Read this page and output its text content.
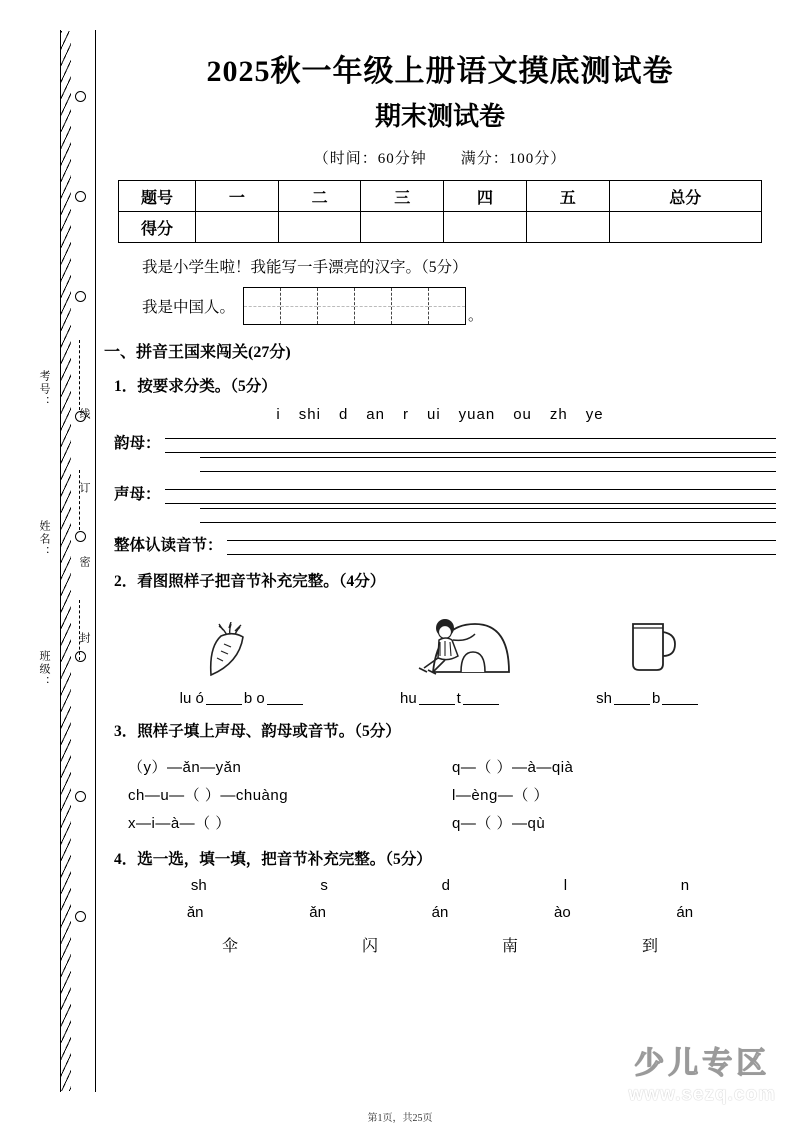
考号：
姓名：
班级：
线
订
密
封
2025秋一年级上册语文摸底测试卷
期末测试卷
（时间：60分钟 满分：100分）
题号	一	二	三	四	五	总分
得分						
我是小学生啦！我能写一手漂亮的汉字。（5分）
我是中国人。	。
一、拼音王国来闯关(27分)
1．按要求分类。（5分）
i shi d an r ui yuan ou zh ye
韵母：
声母：
整体认读音节：
2．看图照样子把音节补充完整。（4分）
lu ó	b o	hu	t	sh	b
3．照样子填上声母、韵母或音节。（5分）
（y）—ǎn—yǎn
ch—u—（ ）—chuàng
x—i—à—（ ）
q—（ ）—à—qià
l—èng—（ ）
q—（ ）—qù
4．选一选，填一填，把音节补充完整。（5分）
sh	s	d	l	n
ǎn	ǎn	án	ào	án
伞	闪	南	到
少儿专区
www.sezq.com
第1页，共25页
